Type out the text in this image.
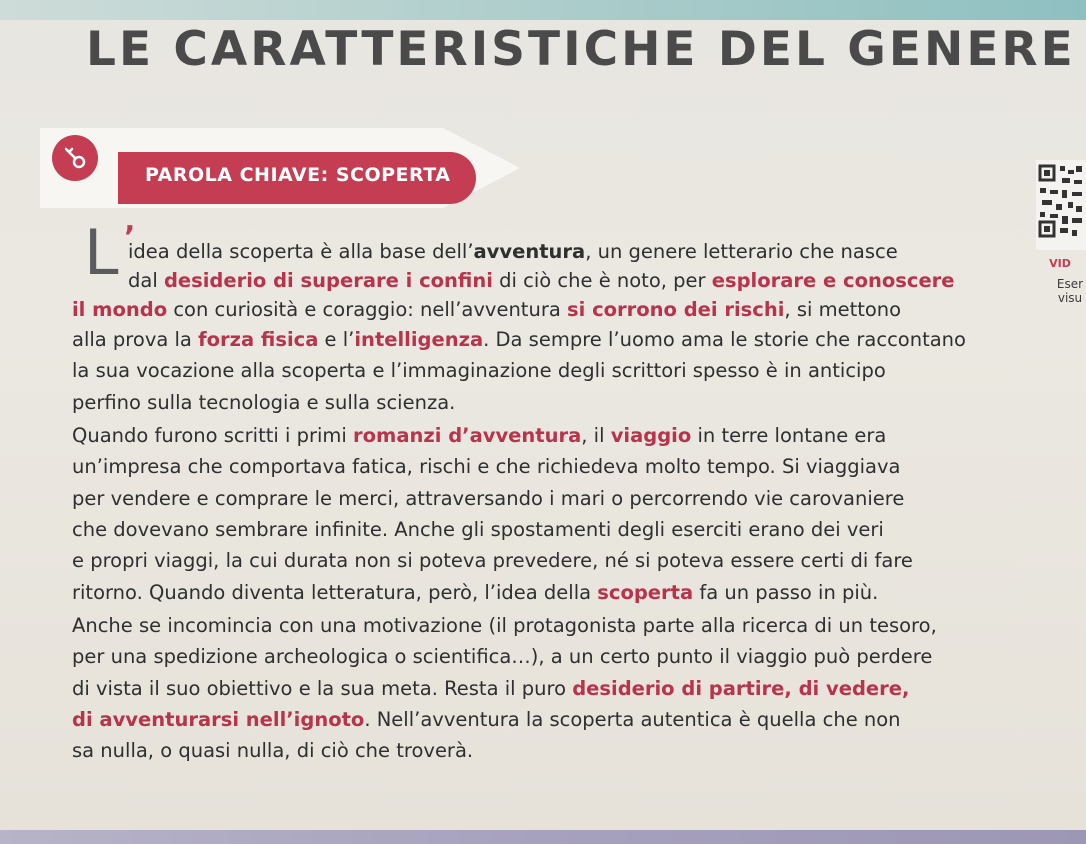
LE CARATTERISTICHE DEL GENERE
PAROLA CHIAVE: SCOPERTA
VID
Eser
visu
L ’
idea della scoperta è alla base dell’avventura, un genere letterario che nasce
dal desiderio di superare i confini di ciò che è noto, per esplorare e conoscere
il mondo con curiosità e coraggio: nell’avventura si corrono dei rischi, si mettono
alla prova la forza fisica e l’intelligenza. Da sempre l’uomo ama le storie che raccontano
la sua vocazione alla scoperta e l’immaginazione degli scrittori spesso è in anticipo
perfino sulla tecnologia e sulla scienza.
Quando furono scritti i primi romanzi d’avventura, il viaggio in terre lontane era
un’impresa che comportava fatica, rischi e che richiedeva molto tempo. Si viaggiava
per vendere e comprare le merci, attraversando i mari o percorrendo vie carovaniere
che dovevano sembrare infinite. Anche gli spostamenti degli eserciti erano dei veri
e propri viaggi, la cui durata non si poteva prevedere, né si poteva essere certi di fare
ritorno. Quando diventa letteratura, però, l’idea della scoperta fa un passo in più.
Anche se incomincia con una motivazione (il protagonista parte alla ricerca di un tesoro,
per una spedizione archeologica o scientifica…), a un certo punto il viaggio può perdere
di vista il suo obiettivo e la sua meta. Resta il puro desiderio di partire, di vedere,
di avventurarsi nell’ignoto. Nell’avventura la scoperta autentica è quella che non
sa nulla, o quasi nulla, di ciò che troverà.
